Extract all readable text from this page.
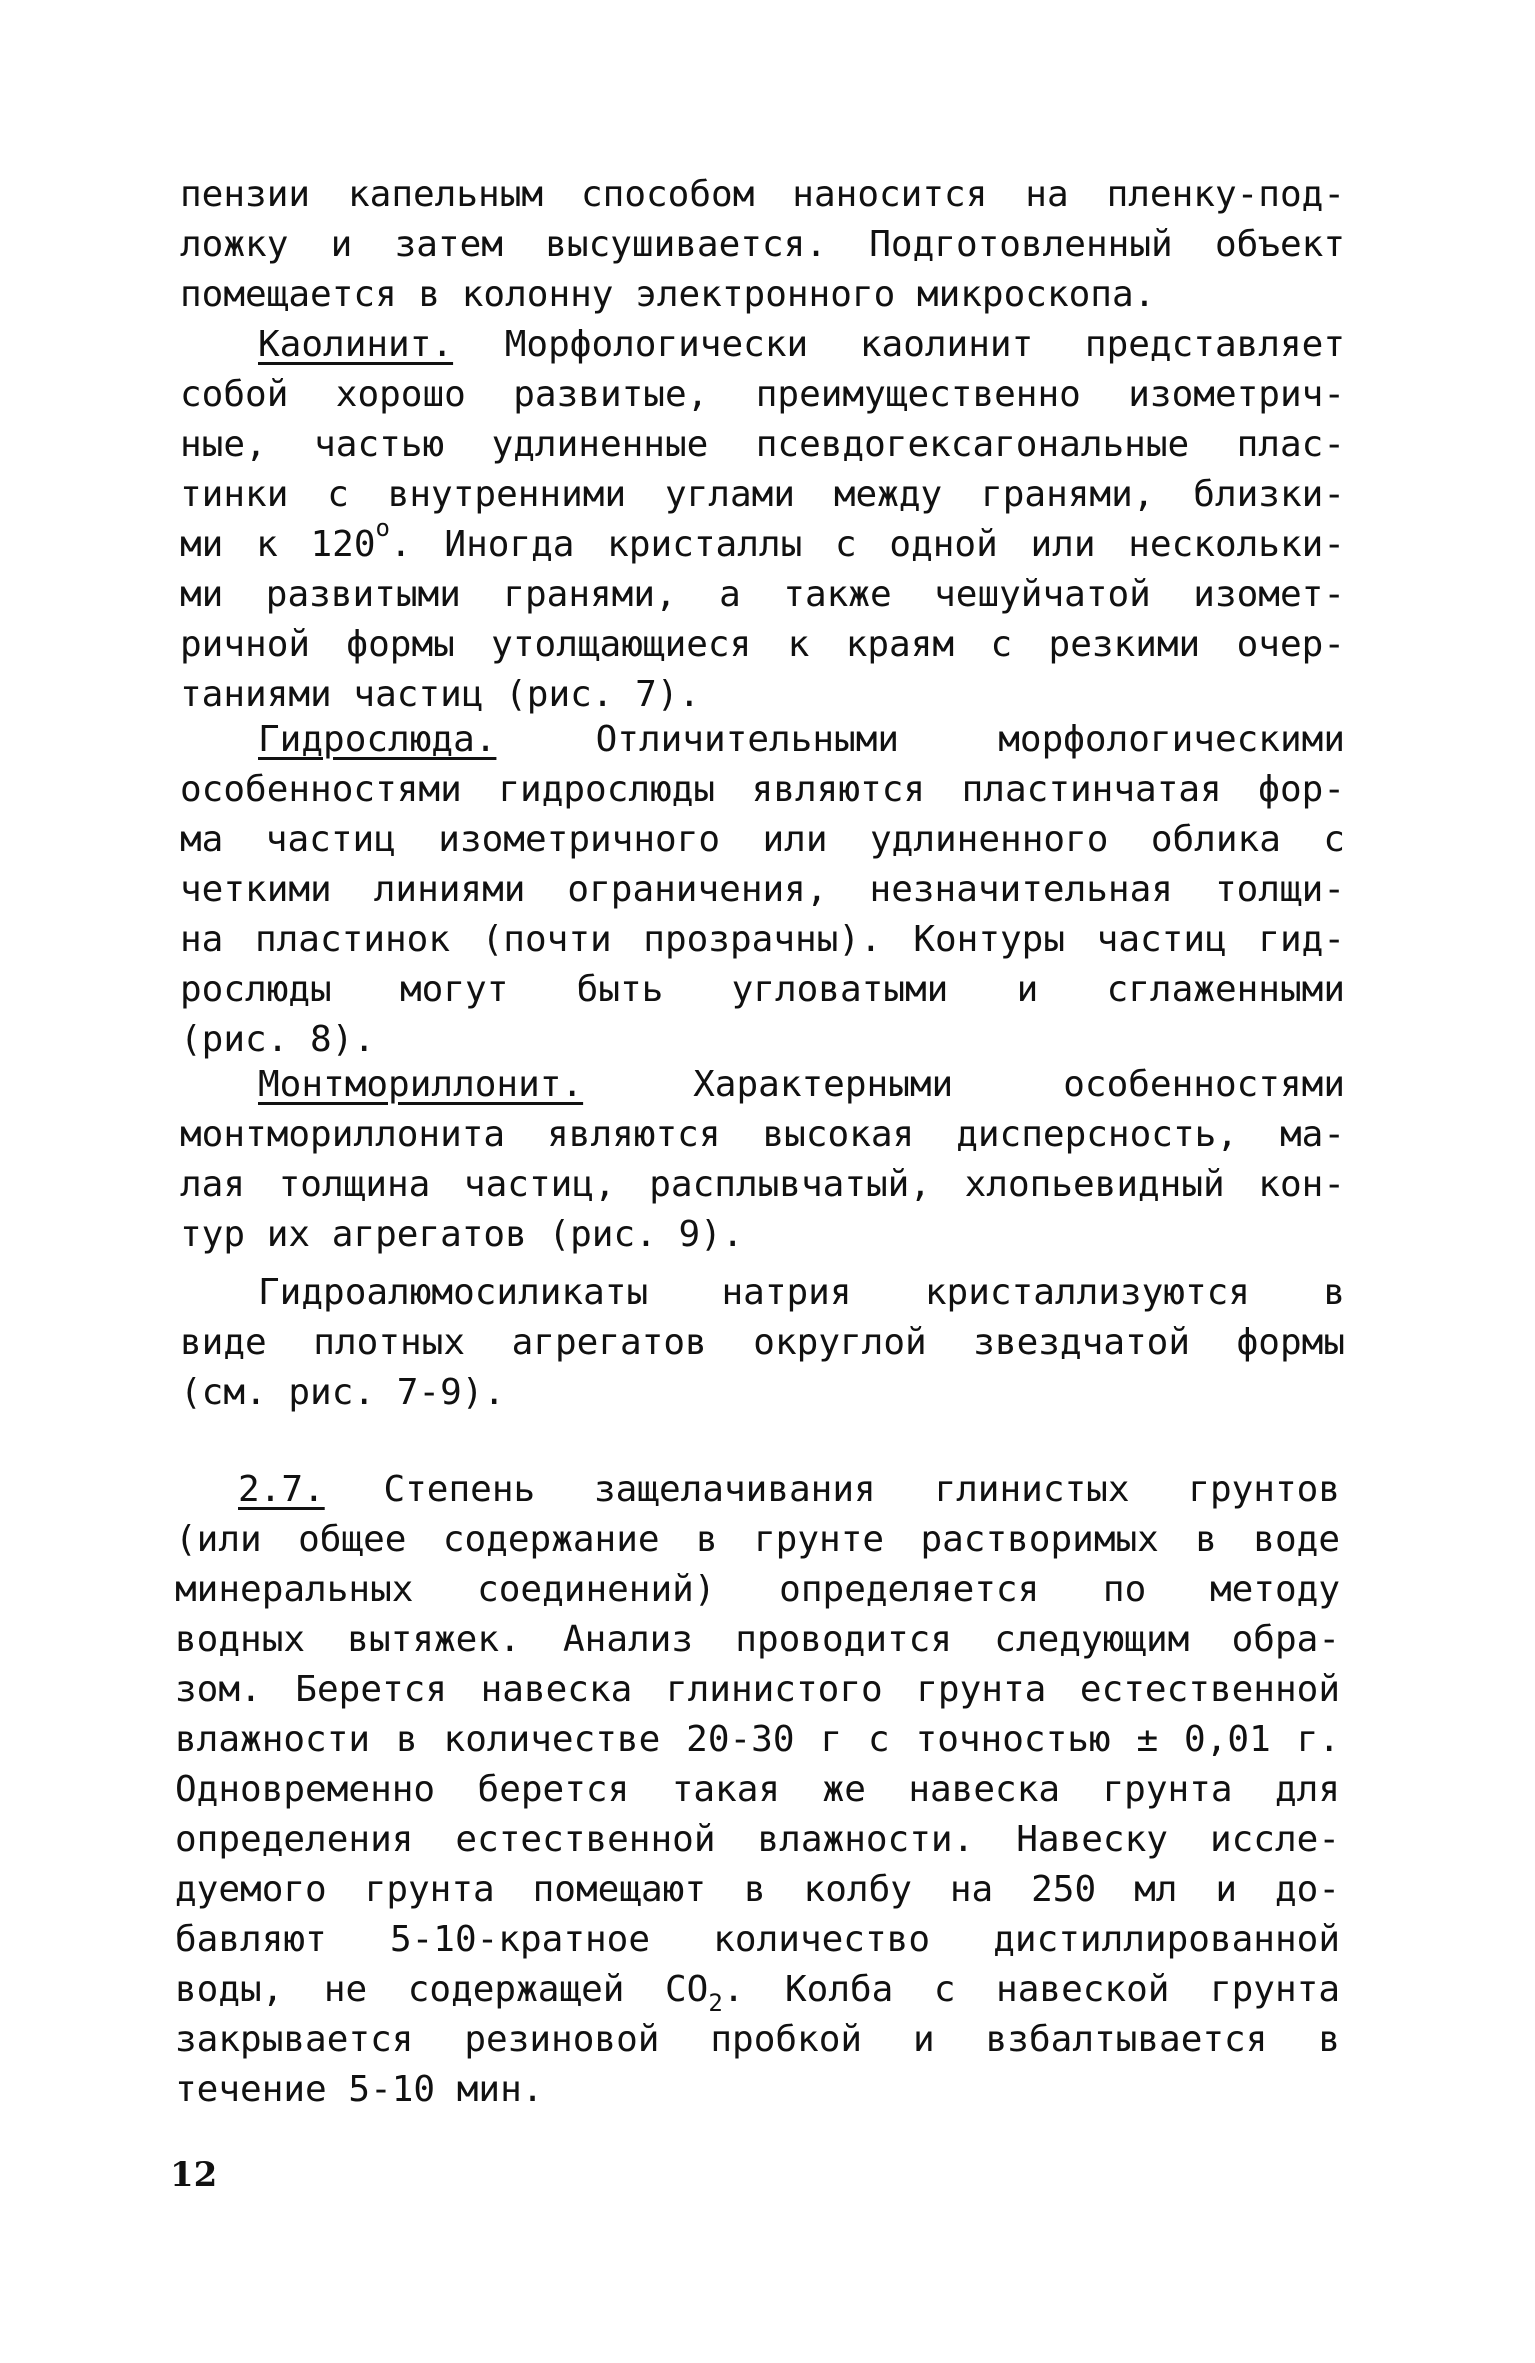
пензии капельным способом наносится на пленку-под-
ложку и затем высушивается. Подготовленный объект
помещается в колонну электронного микроскопа.
Каолинит. Морфологически каолинит представляет
собой хорошо развитые, преимущественно изометрич-
ные, частью удлиненные псевдогексагональные плас-
тинки с внутренними углами между гранями, близки-
ми к $120^о$. Иногда кристаллы с одной или нескольки-
ми развитыми гранями, а также чешуйчатой изомет-
ричной формы утолщающиеся к краям с резкими очер-
таниями частиц (рис. 7).
Гидрослюда. Отличительными морфологическими
особенностями гидрослюды являются пластинчатая фор-
ма частиц изометричного или удлиненного облика с
четкими линиями ограничения, незначительная толщи-
на пластинок (почти прозрачны). Контуры частиц гид-
рослюды могут быть угловатыми и сглаженными
(рис. 8).
Монтмориллонит. Характерными особенностями
монтмориллонита являются высокая дисперсность, ма-
лая толщина частиц, расплывчатый, хлопьевидный кон-
тур их агрегатов (рис. 9).
Гидроалюмосиликаты натрия кристаллизуются в
виде плотных агрегатов округлой звездчатой формы
(см. рис. 7-9).
2.7. Степень защелачивания глинистых грунтов
(или общее содержание в грунте растворимых в воде
минеральных соединений) определяется по методу
водных вытяжек. Анализ проводится следующим обра-
зом. Берется навеска глинистого грунта естественной
влажности в количестве 20-30 г с точностью ± 0,01 г.
Одновременно берется такая же навеска грунта для
определения естественной влажности. Навеску иссле-
дуемого грунта помещают в колбу на 250 мл и до-
бавляют 5-10-кратное количество дистиллированной
воды, не содержащей $СО_2$. Колба с навеской грунта
закрывается резиновой пробкой и взбалтывается в
течение 5-10 мин.
12
